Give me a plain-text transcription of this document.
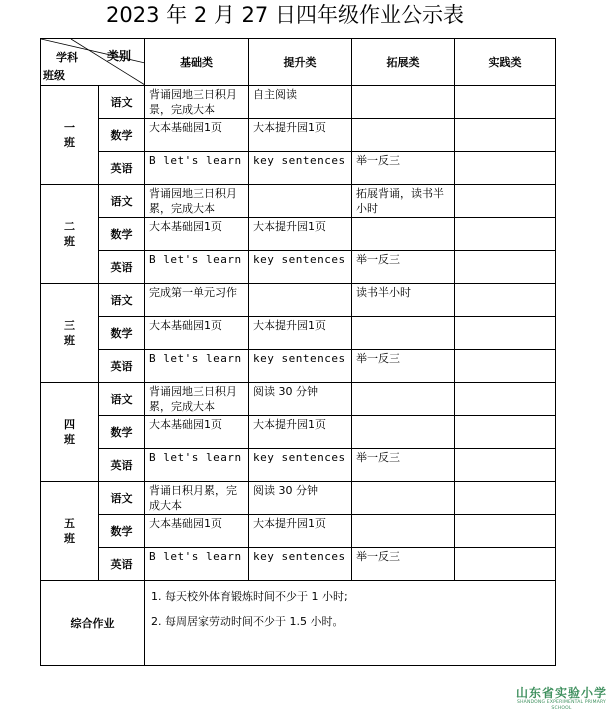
2023 年 2 月 27 日四年级作业公示表
学科 类别
班级		基础类	提升类	拓展类	实践类

一
班	语文	背诵园地三日积月景，完成大本	自主阅读		
	数学	大本基础园1页	大本提升园1页		
	英语	B let's learn	key sentences	举一反三	

二
班	语文	背诵园地三日积月累，完成大本		拓展背诵，读书半小时	
	数学	大本基础园1页	大本提升园1页		
	英语	B let's learn	key sentences	举一反三	

三
班	语文	完成第一单元习作		读书半小时	
	数学	大本基础园1页	大本提升园1页		
	英语	B let's learn	key sentences	举一反三	

四
班	语文	背诵园地三日积月累，完成大本	阅读 30 分钟		
	数学	大本基础园1页	大本提升园1页		
	英语	B let's learn	key sentences	举一反三	

五
班	语文	背诵日积月累，完成大本	阅读 30 分钟		
	数学	大本基础园1页	大本提升园1页		
	英语	B let's learn	key sentences	举一反三	
综合作业		1. 每天校外体育锻炼时间不少于 1 小时;
2. 每周居家劳动时间不少于 1.5 小时。			
山东省实验小学
SHANDONG EXPERIMENTAL PRIMARY SCHOOL
